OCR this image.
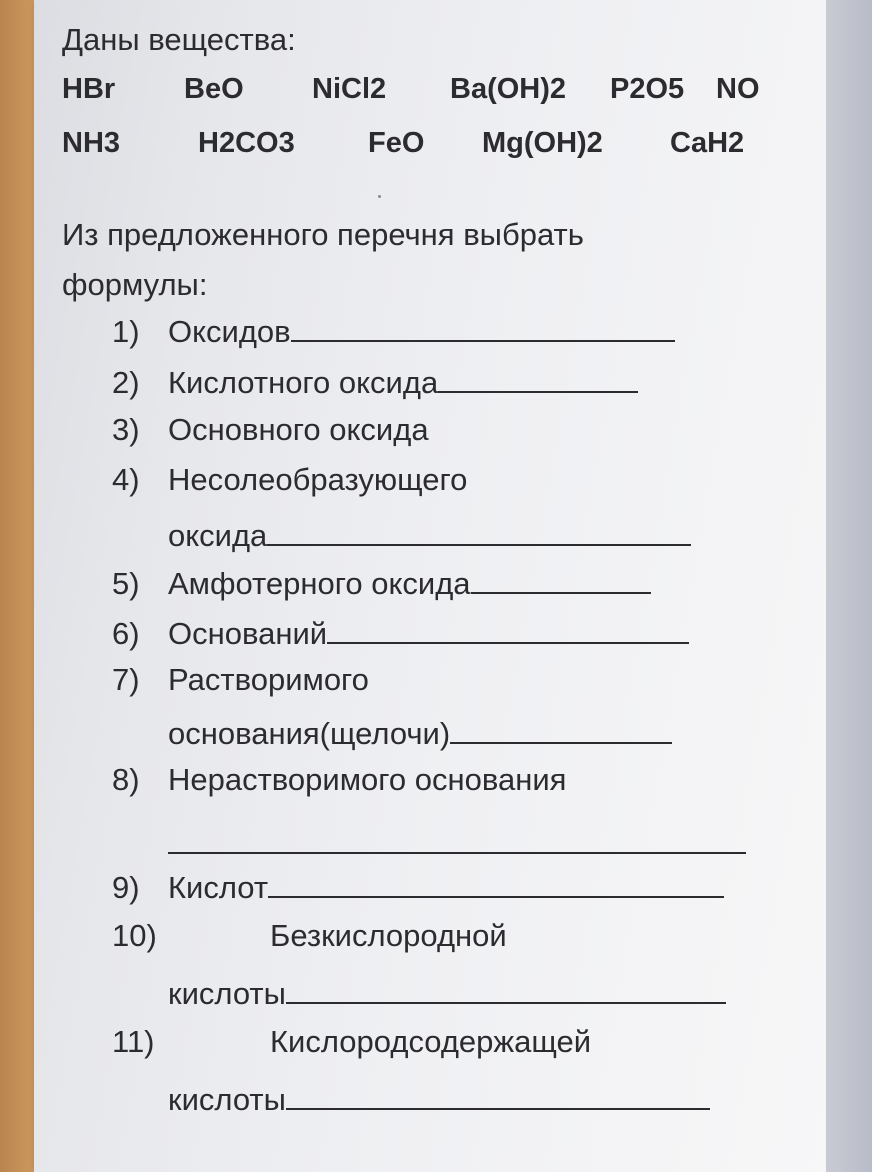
Даны вещества:
HBr BeO NiCl2 Ba(OH)2 P2O5 NO
NH3	H2CO3	FeO Mg(OH)2 CaH2
Из предложенного перечня выбрать
формулы:
1) Оксидов
2) Кислотного оксида
3) Основного оксида
4) Несолеобразующего
оксида
5) Амфотерного оксида
6) Оснований
7) Растворимого
основания(щелочи)
8) Нерастворимого основания
9) Кислот
10)	Безкислородной
кислоты
11)	Кислородсодержащей
кислоты
